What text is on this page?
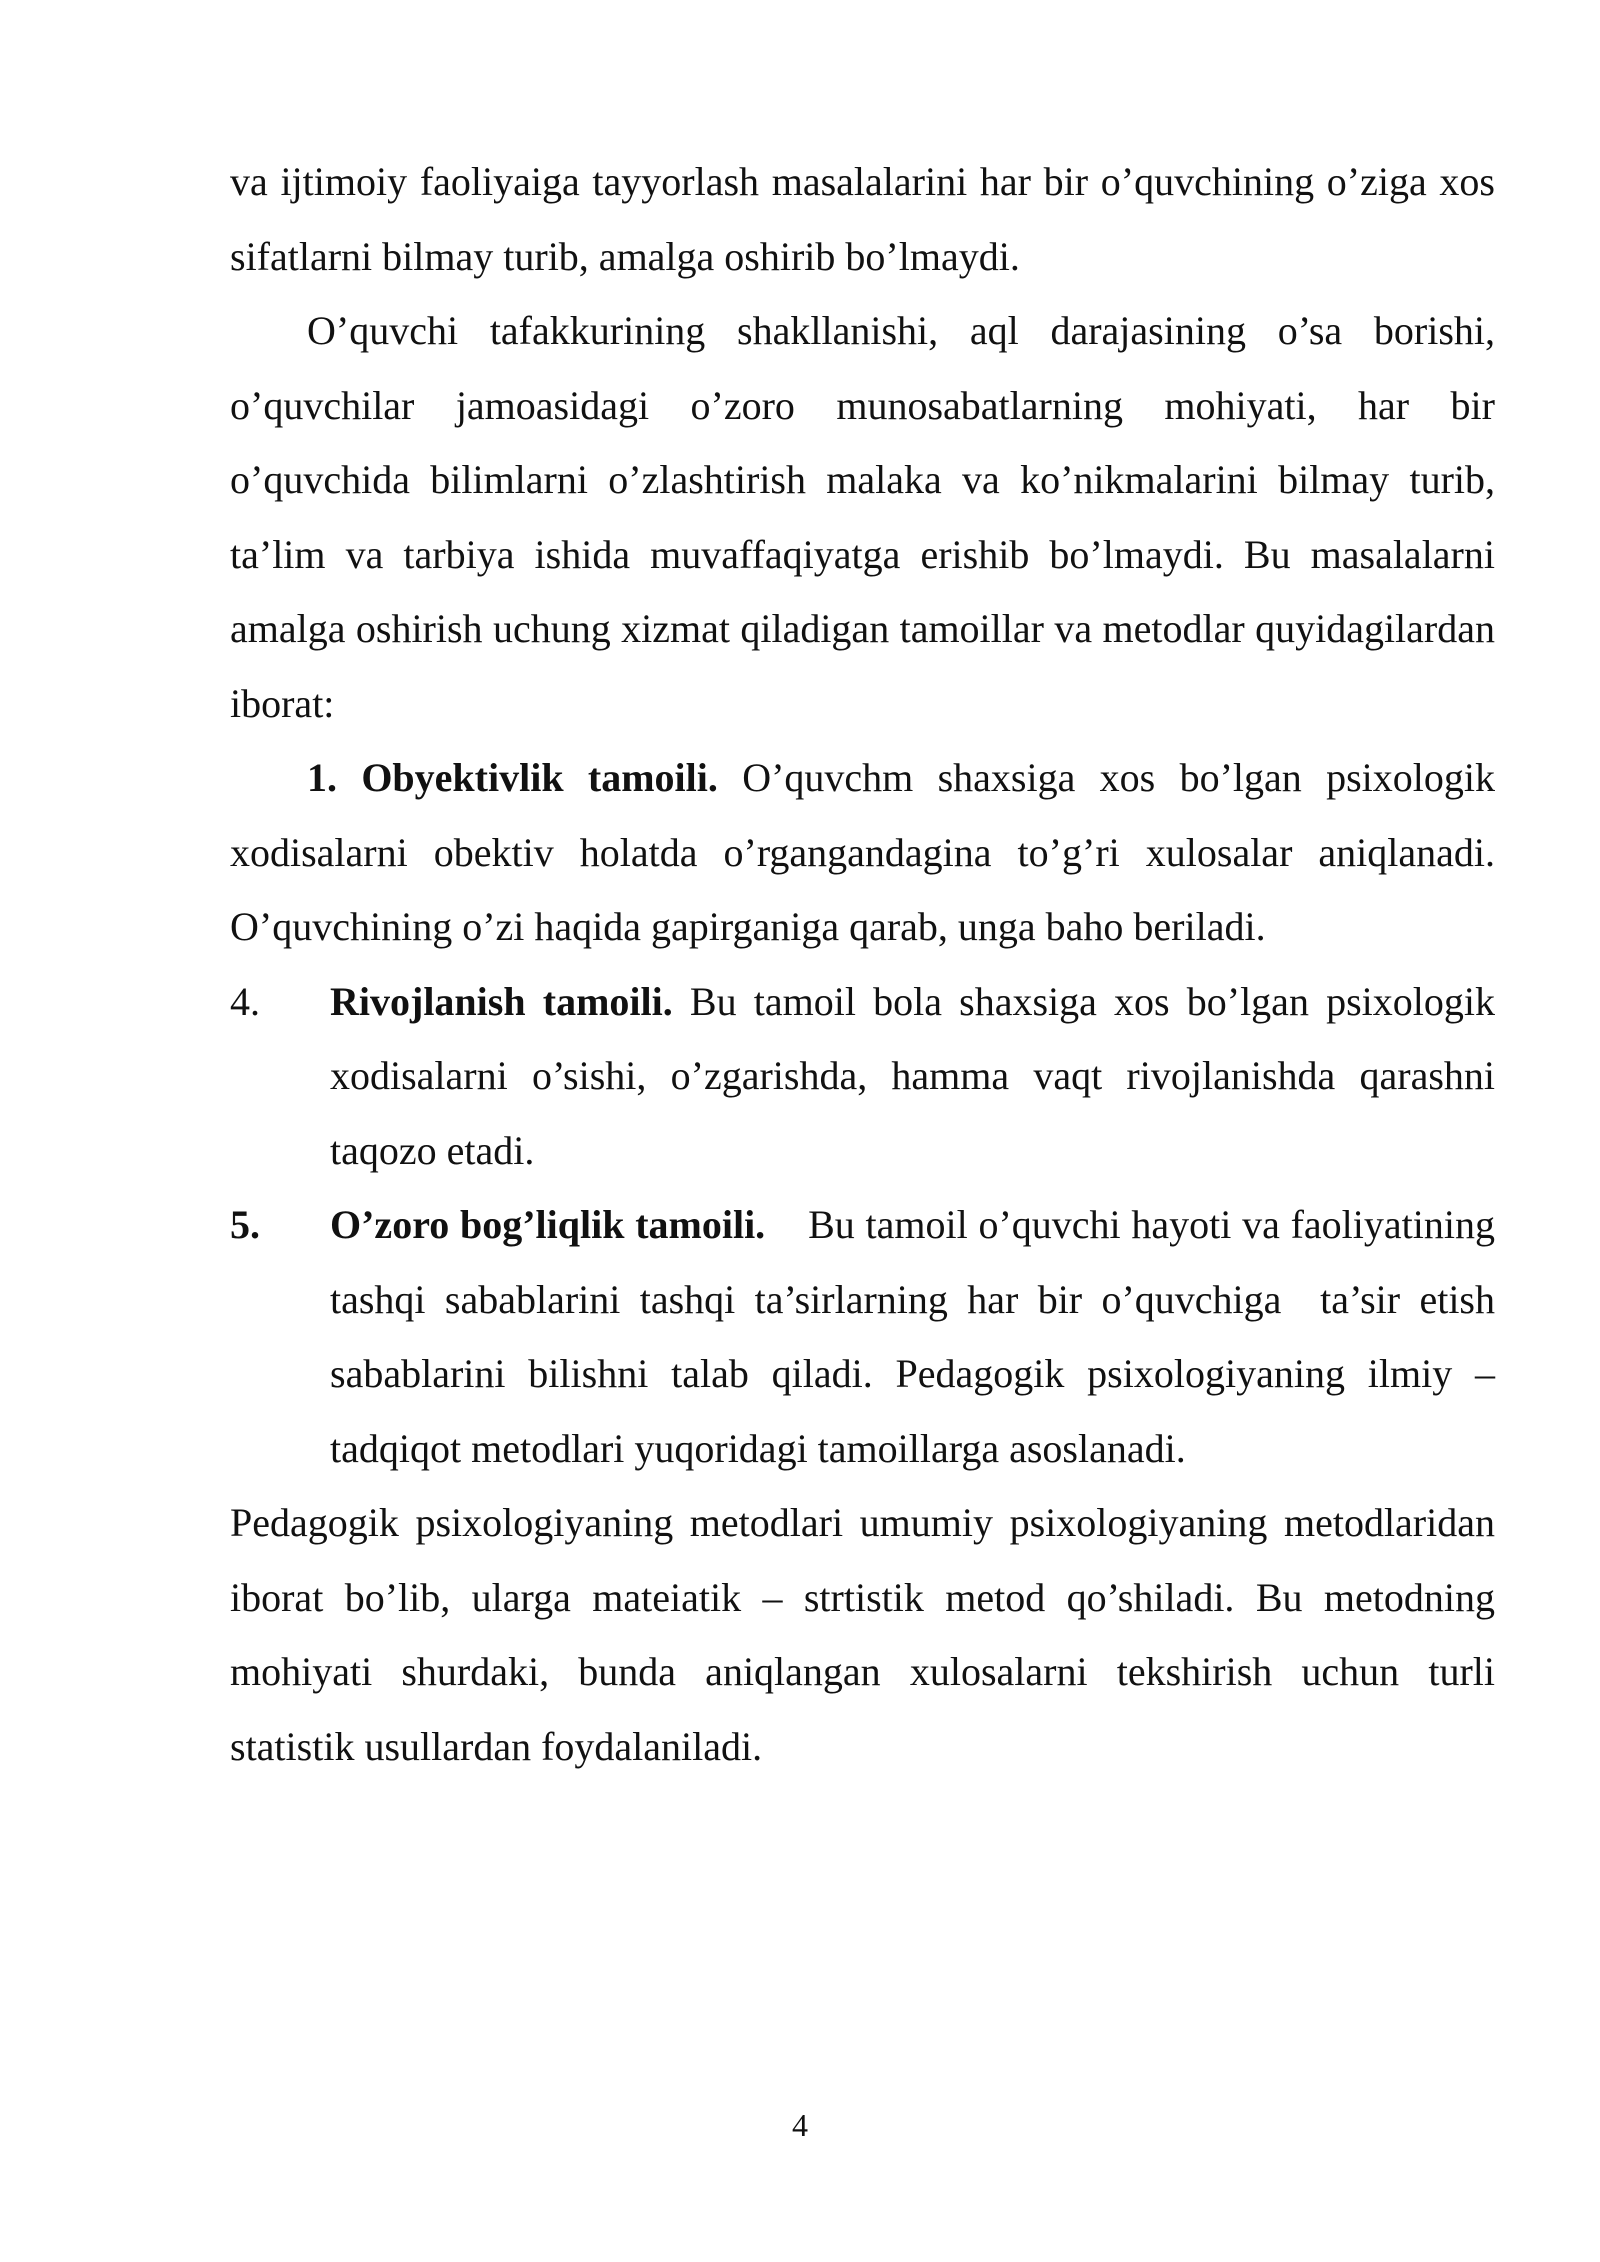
va ijtimoiy faoliyaiga tayyorlash masalalarini har bir o’quvchining o’ziga xos sifatlarni bilmay turib, amalga oshirib bo’lmaydi.

O’quvchi tafakkurining shakllanishi, aql darajasining o’sa borishi, o’quvchilar jamoasidagi o’zoro munosabatlarning mohiyati, har bir o’quvchida bilimlarni o’zlashtirish malaka va ko’nikmalarini bilmay turib, ta’lim va tarbiya ishida muvaffaqiyatga erishib bo’lmaydi. Bu masalalarni amalga oshirish uchung xizmat qiladigan tamoillar va metodlar quyidagilardan iborat:

1. Obyektivlik tamoili. O’quvchm shaxsiga xos bo’lgan psixologik xodisalarni obektiv holatda o’rgangandagina to’g’ri xulosalar aniqlanadi. O’quvchining o’zi haqida gapirganiga qarab, unga baho beriladi.

4.	Rivojlanish tamoili. Bu tamoil bola shaxsiga xos bo’lgan psixologik xodisalarni o’sishi, o’zgarishda, hamma vaqt rivojlanishda qarashni taqozo etadi.

5.	O’zoro bog’liqlik tamoili.    Bu tamoil o’quvchi hayoti va faoliyatining tashqi sabablarini tashqi ta’sirlarning har bir o’quvchiga  ta’sir etish sabablarini bilishni talab qiladi. Pedagogik psixologiyaning ilmiy – tadqiqot metodlari yuqoridagi tamoillarga asoslanadi.

Pedagogik psixologiyaning metodlari umumiy psixologiyaning metodlaridan iborat bo’lib, ularga mateiatik – strtistik metod qo’shiladi. Bu metodning mohiyati shurdaki, bunda aniqlangan xulosalarni tekshirish uchun turli statistik usullardan foydalaniladi.

4
